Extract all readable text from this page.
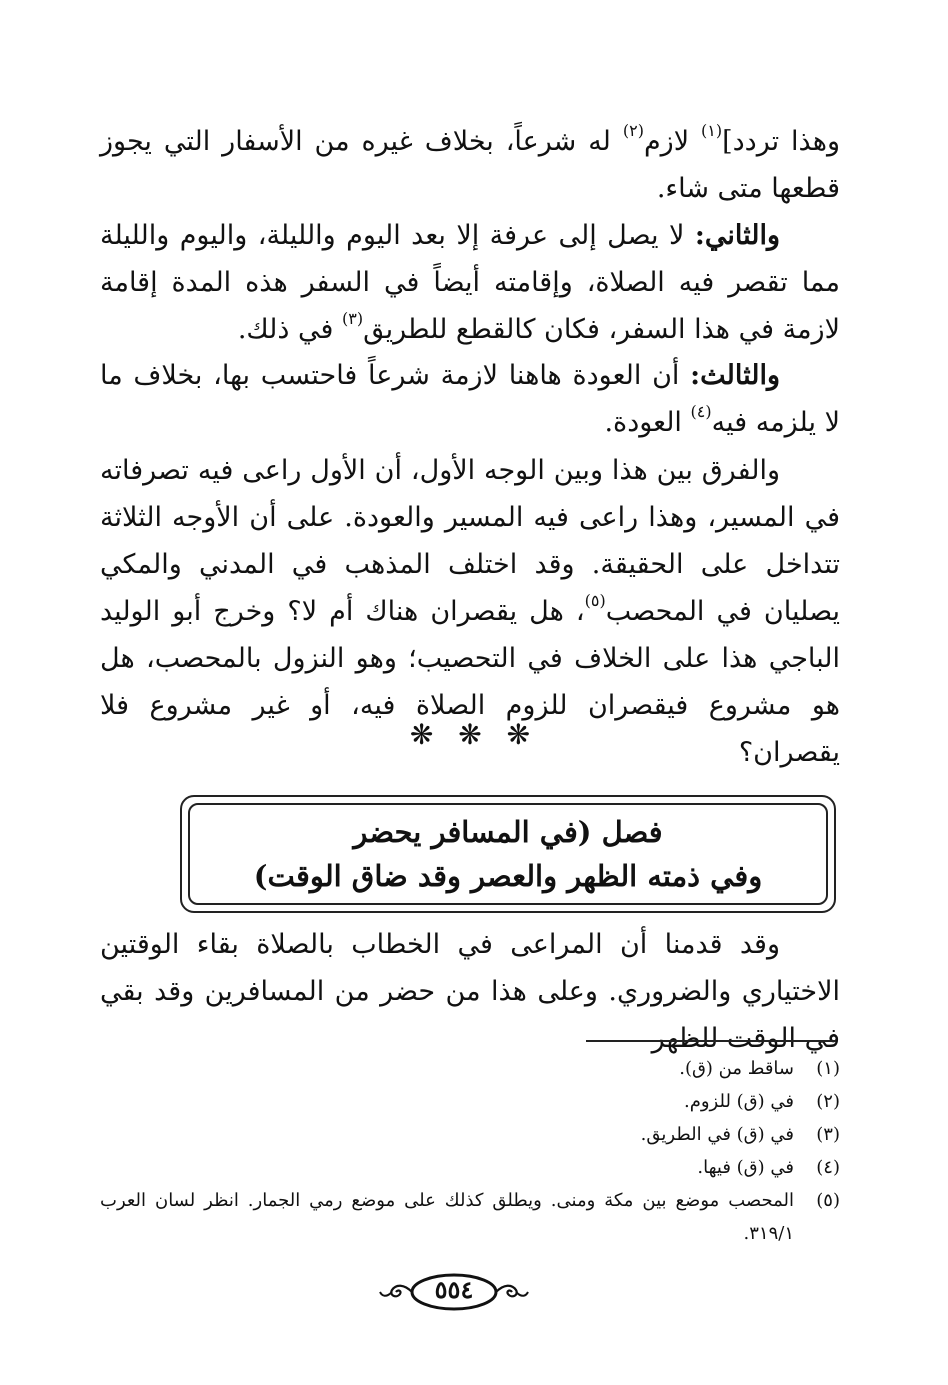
وهذا تردد]$^{(١)}$ لازم$^{(٢)}$ له شرعاً، بخلاف غيره من الأسفار التي يجوز قطعها متى شاء.

والثاني: لا يصل إلى عرفة إلا بعد اليوم والليلة، واليوم والليلة مما تقصر فيه الصلاة، وإقامته أيضاً في السفر هذه المدة إقامة لازمة في هذا السفر، فكان كالقطع للطريق$^{(٣)}$ في ذلك.

والثالث: أن العودة هاهنا لازمة شرعاً فاحتسب بها، بخلاف ما لا يلزمه فيه$^{(٤)}$ العودة.

والفرق بين هذا وبين الوجه الأول، أن الأول راعى فيه تصرفاته في المسير، وهذا راعى فيه المسير والعودة. على أن الأوجه الثلاثة تتداخل على الحقيقة. وقد اختلف المذهب في المدني والمكي يصليان في المحصب$^{(٥)}$، هل يقصران هناك أم لا؟ وخرج أبو الوليد الباجي هذا على الخلاف في التحصيب؛ وهو النزول بالمحصب، هل هو مشروع فيقصران للزوم الصلاة فيه، أو غير مشروع فلا يقصران؟

❋ ❋ ❋
فصل (في المسافر يحضر
وفي ذمته الظهر والعصر وقد ضاق الوقت)

وقد قدمنا أن المراعى في الخطاب بالصلاة بقاء الوقتين الاختياري والضروري. وعلى هذا من حضر من المسافرين وقد بقي في الوقت للظهر

(١)
ساقط من (ق).
(٢)
في (ق) للزوم.
(٣)
في (ق) في الطريق.
(٤)
في (ق) فيها.
(٥)
المحصب موضع بين مكة ومنى. ويطلق كذلك على موضع رمي الجمار. انظر لسان العرب ٣١٩/١.
٥٥٤
